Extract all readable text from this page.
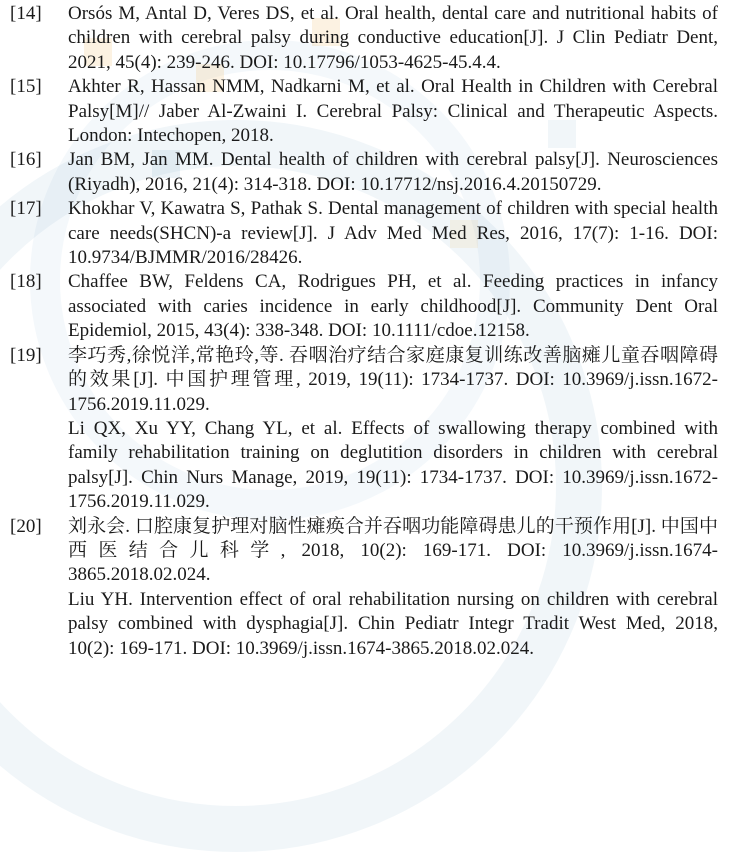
[14]	Orsós M, Antal D, Veres DS, et al. Oral health, dental care and nutritional habits of children with cerebral palsy during conductive education[J]. J Clin Pediatr Dent, 2021, 45(4): 239-246. DOI: 10.17796/1053-4625-45.4.4.
[15]	Akhter R, Hassan NMM, Nadkarni M, et al. Oral Health in Children with Cerebral Palsy[M]// Jaber Al-Zwaini I. Cerebral Palsy: Clinical and Therapeutic Aspects. London: Intechopen, 2018.
[16]	Jan BM, Jan MM. Dental health of children with cerebral palsy[J]. Neurosciences (Riyadh), 2016, 21(4): 314-318. DOI: 10.17712/nsj.2016.4.20150729.
[17]	Khokhar V, Kawatra S, Pathak S. Dental management of children with special health care needs(SHCN)-a review[J]. J Adv Med Med Res, 2016, 17(7): 1-16. DOI: 10.9734/BJMMR/2016/28426.
[18]	Chaffee BW, Feldens CA, Rodrigues PH, et al. Feeding practices in infancy associated with caries incidence in early childhood[J]. Community Dent Oral Epidemiol, 2015, 43(4): 338-348. DOI: 10.1111/cdoe.12158.
[19]	李巧秀,徐悦洋,常艳玲,等. 吞咽治疗结合家庭康复训练改善脑瘫儿童吞咽障碍的效果[J]. 中国护理管理, 2019, 19(11): 1734-1737. DOI: 10.3969/j.issn.1672-1756.2019.11.029.
Li QX, Xu YY, Chang YL, et al. Effects of swallowing therapy combined with family rehabilitation training on deglutition disorders in children with cerebral palsy[J]. Chin Nurs Manage, 2019, 19(11): 1734-1737. DOI: 10.3969/j.issn.1672-1756.2019.11.029.
[20]	刘永会. 口腔康复护理对脑性瘫痪合并吞咽功能障碍患儿的干预作用[J]. 中国中西医结合儿科学, 2018, 10(2): 169-171. DOI: 10.3969/j.issn.1674-3865.2018.02.024.
Liu YH. Intervention effect of oral rehabilitation nursing on children with cerebral palsy combined with dysphagia[J]. Chin Pediatr Integr Tradit West Med, 2018, 10(2): 169-171. DOI: 10.3969/j.issn.1674-3865.2018.02.024.
